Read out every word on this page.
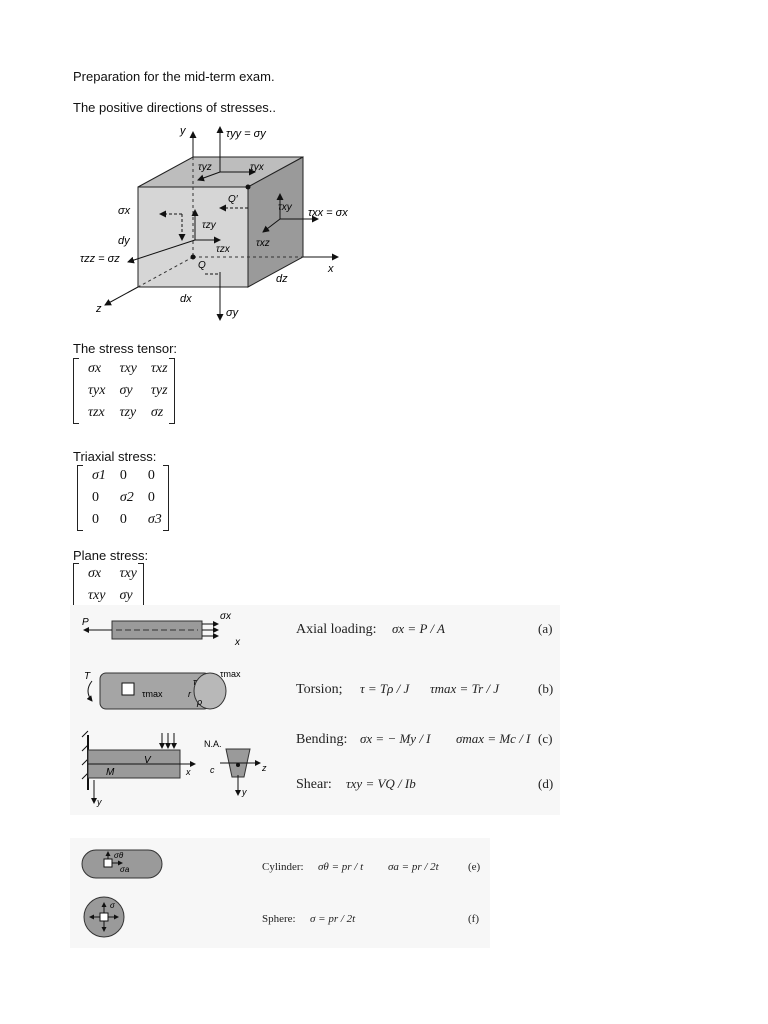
Preparation for the mid-term exam.
The positive directions of stresses..
y
x
z
τyy = σy
τxx = σx
τzz = σz
σx
σy
τyz	τyx
τxy
τxz
τzy
τzx
Q
Q′
dx
dy
dz
The stress tensor:
σx	τxy	τxz
τyx	σy	τyz
τzx	τzy	σz
Triaxial stress:
σ1	0	0
0	σ2	0
0	0	σ3
Plane stress:
σx	τxy
τxy	σy
P
σx
x
T
τmax
τmax
τ
ρ
r
V
M	x
y
N.A.
c	z
y
Axial loading: σx = P / A	(a)
Torsion; τ = Tρ / J τmax = Tr / J	(b)
Bending: σx = − My / I σmax = Mc / I (c)
Shear: τxy = VQ / Ib	(d)
σθ
σa
σ
Cylinder: σθ = pr / t σa = pr / 2t	(e)
Sphere: σ = pr / 2t	(f)
